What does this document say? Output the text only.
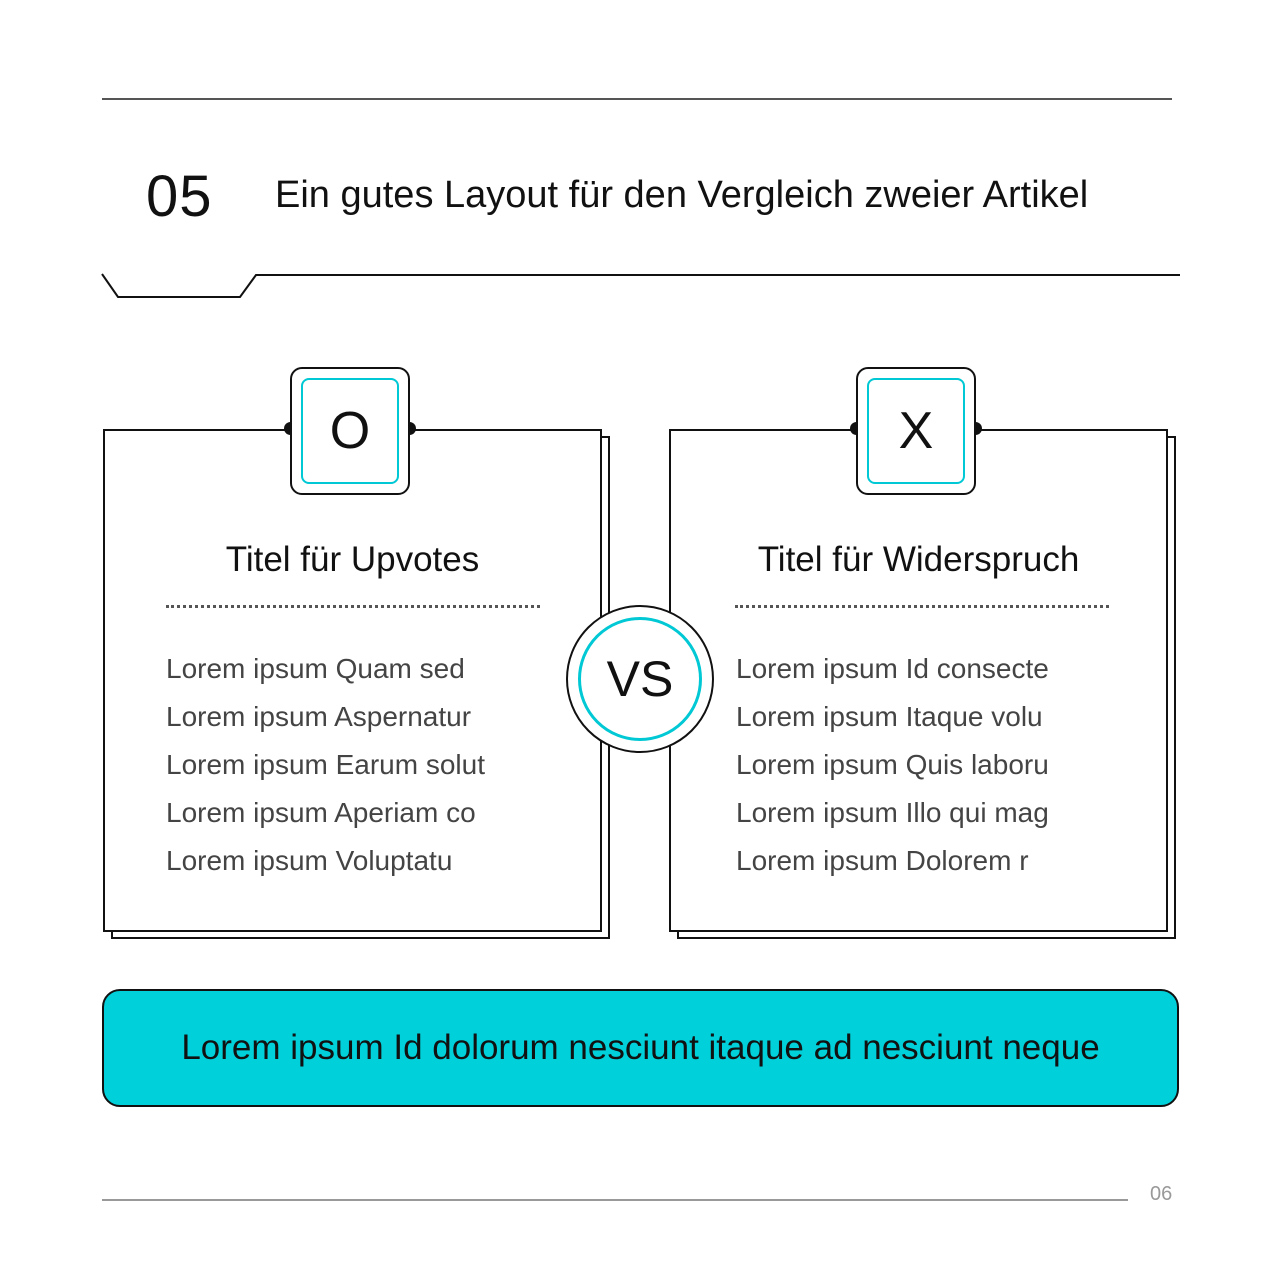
05 Ein gutes Layout für den Vergleich zweier Artikel
O
Titel für Upvotes
Lorem ipsum Quam sed
Lorem ipsum Aspernatur
Lorem ipsum Earum solut
Lorem ipsum Aperiam co
Lorem ipsum Voluptatu
X
Titel für Widerspruch
Lorem ipsum Id consecte
Lorem ipsum Itaque volu
Lorem ipsum Quis laboru
Lorem ipsum Illo qui mag
Lorem ipsum Dolorem r
VS
Lorem ipsum Id dolorum nesciunt itaque ad nesciunt neque
06
